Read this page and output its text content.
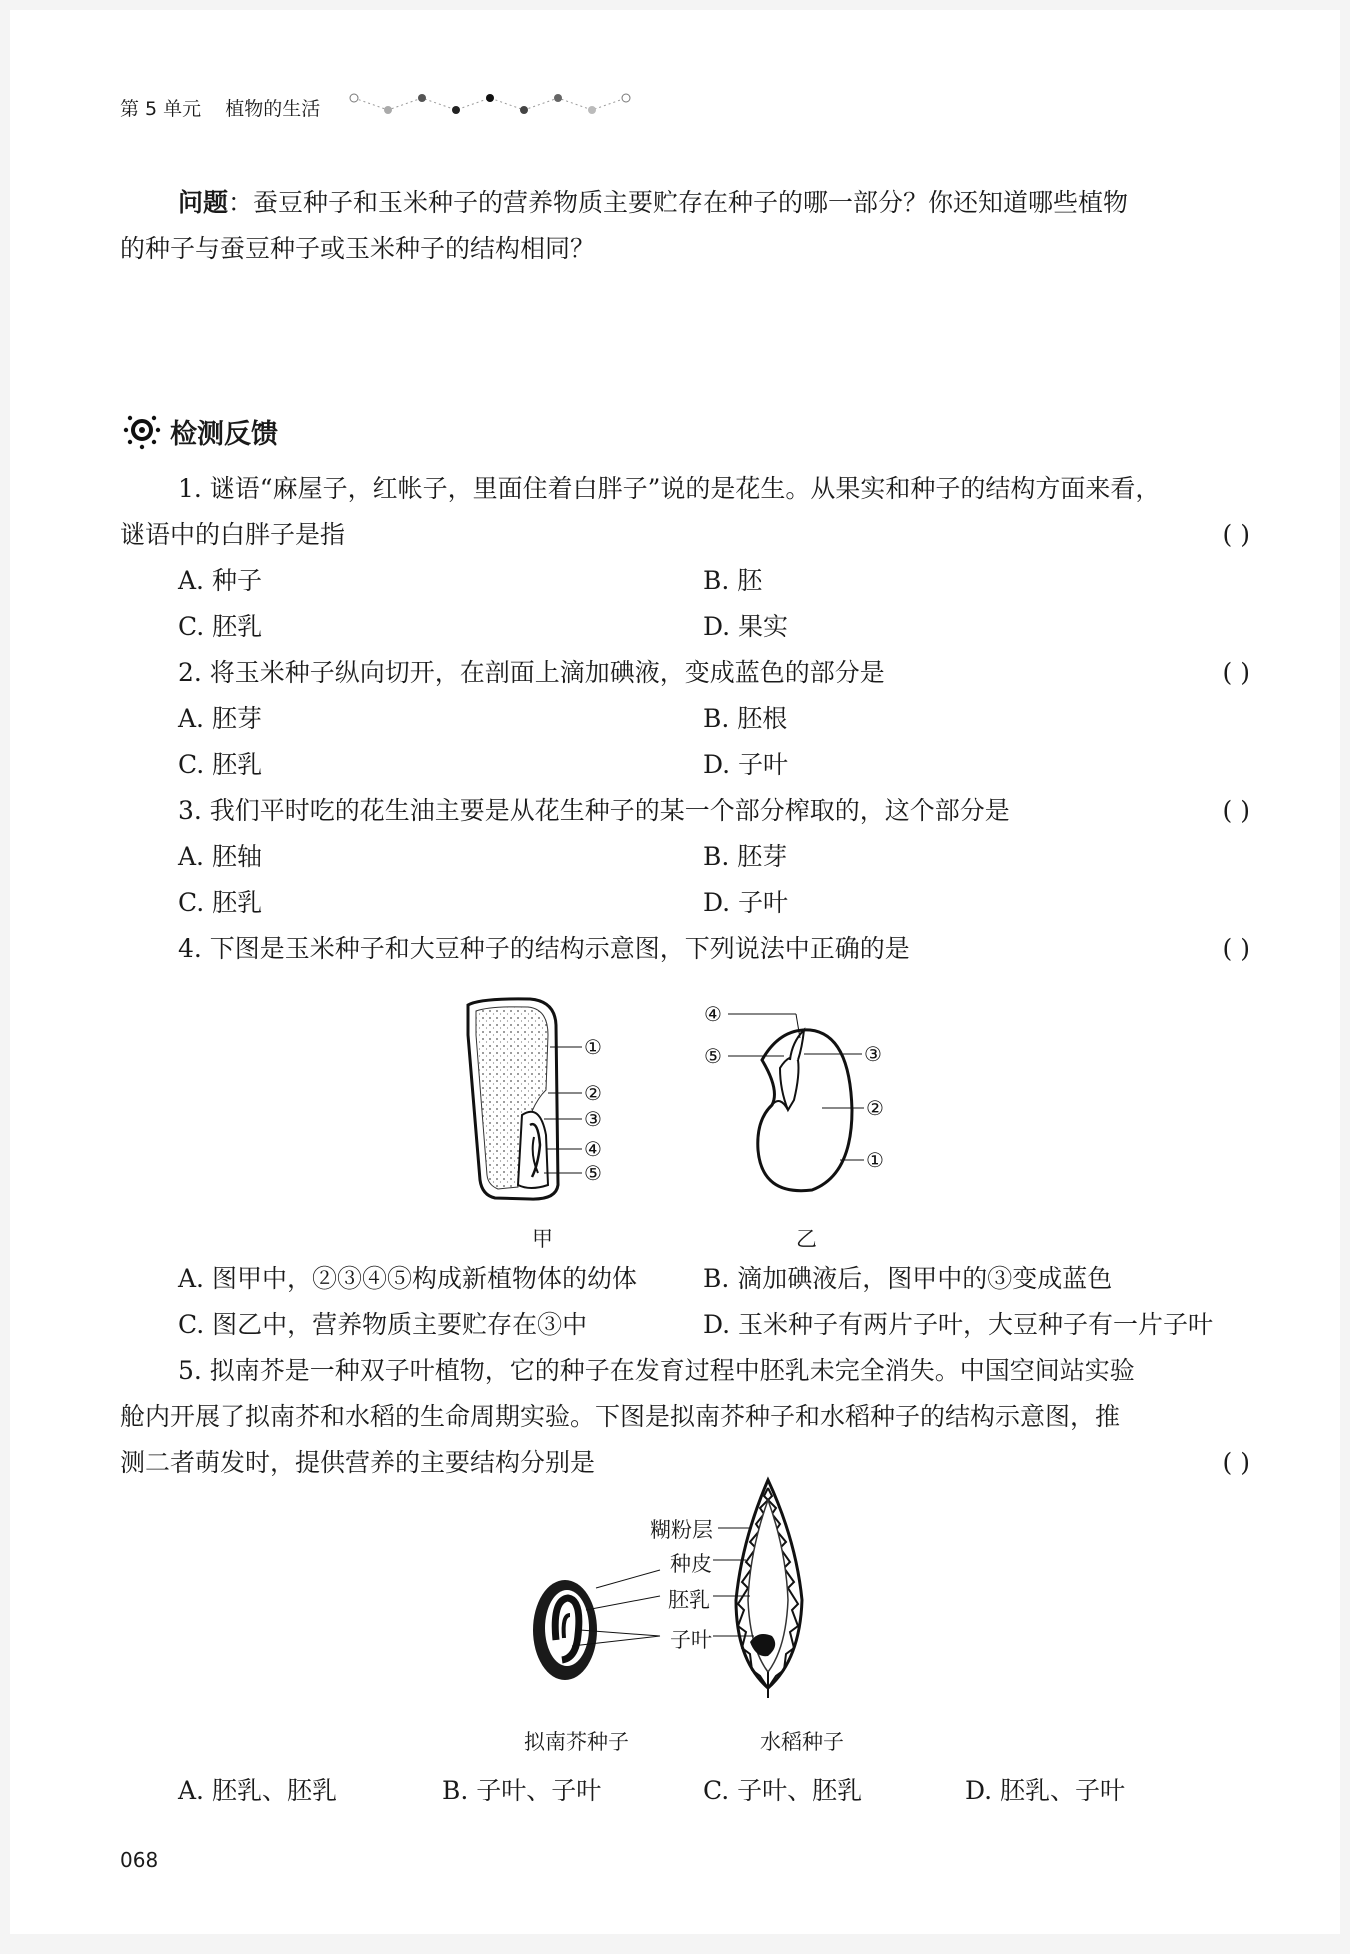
第 5 单元 植物的生活
问题：蚕豆种子和玉米种子的营养物质主要贮存在种子的哪一部分？你还知道哪些植物
的种子与蚕豆种子或玉米种子的结构相同？
检测反馈
1. 谜语“麻屋子，红帐子，里面住着白胖子”说的是花生。从果实和种子的结构方面来看，
谜语中的白胖子是指	( )
A. 种子	B. 胚
C. 胚乳	D. 果实
2. 将玉米种子纵向切开，在剖面上滴加碘液，变成蓝色的部分是	( )
A. 胚芽	B. 胚根
C. 胚乳	D. 子叶
3. 我们平时吃的花生油主要是从花生种子的某一个部分榨取的，这个部分是	( )
A. 胚轴	B. 胚芽
C. 胚乳	D. 子叶
4. 下图是玉米种子和大豆种子的结构示意图，下列说法中正确的是	( )
①
②
③
④
⑤
甲
④
⑤	③
②
①
乙
A. 图甲中，②③④⑤构成新植物体的幼体	B. 滴加碘液后，图甲中的③变成蓝色
C. 图乙中，营养物质主要贮存在③中	D. 玉米种子有两片子叶，大豆种子有一片子叶
5. 拟南芥是一种双子叶植物，它的种子在发育过程中胚乳未完全消失。中国空间站实验
舱内开展了拟南芥和水稻的生命周期实验。下图是拟南芥种子和水稻种子的结构示意图，推
测二者萌发时，提供营养的主要结构分别是	( )
糊粉层
种皮
胚乳
子叶
拟南芥种子	水稻种子
A. 胚乳、胚乳	B. 子叶、子叶	C. 子叶、胚乳	D. 胚乳、子叶
068
